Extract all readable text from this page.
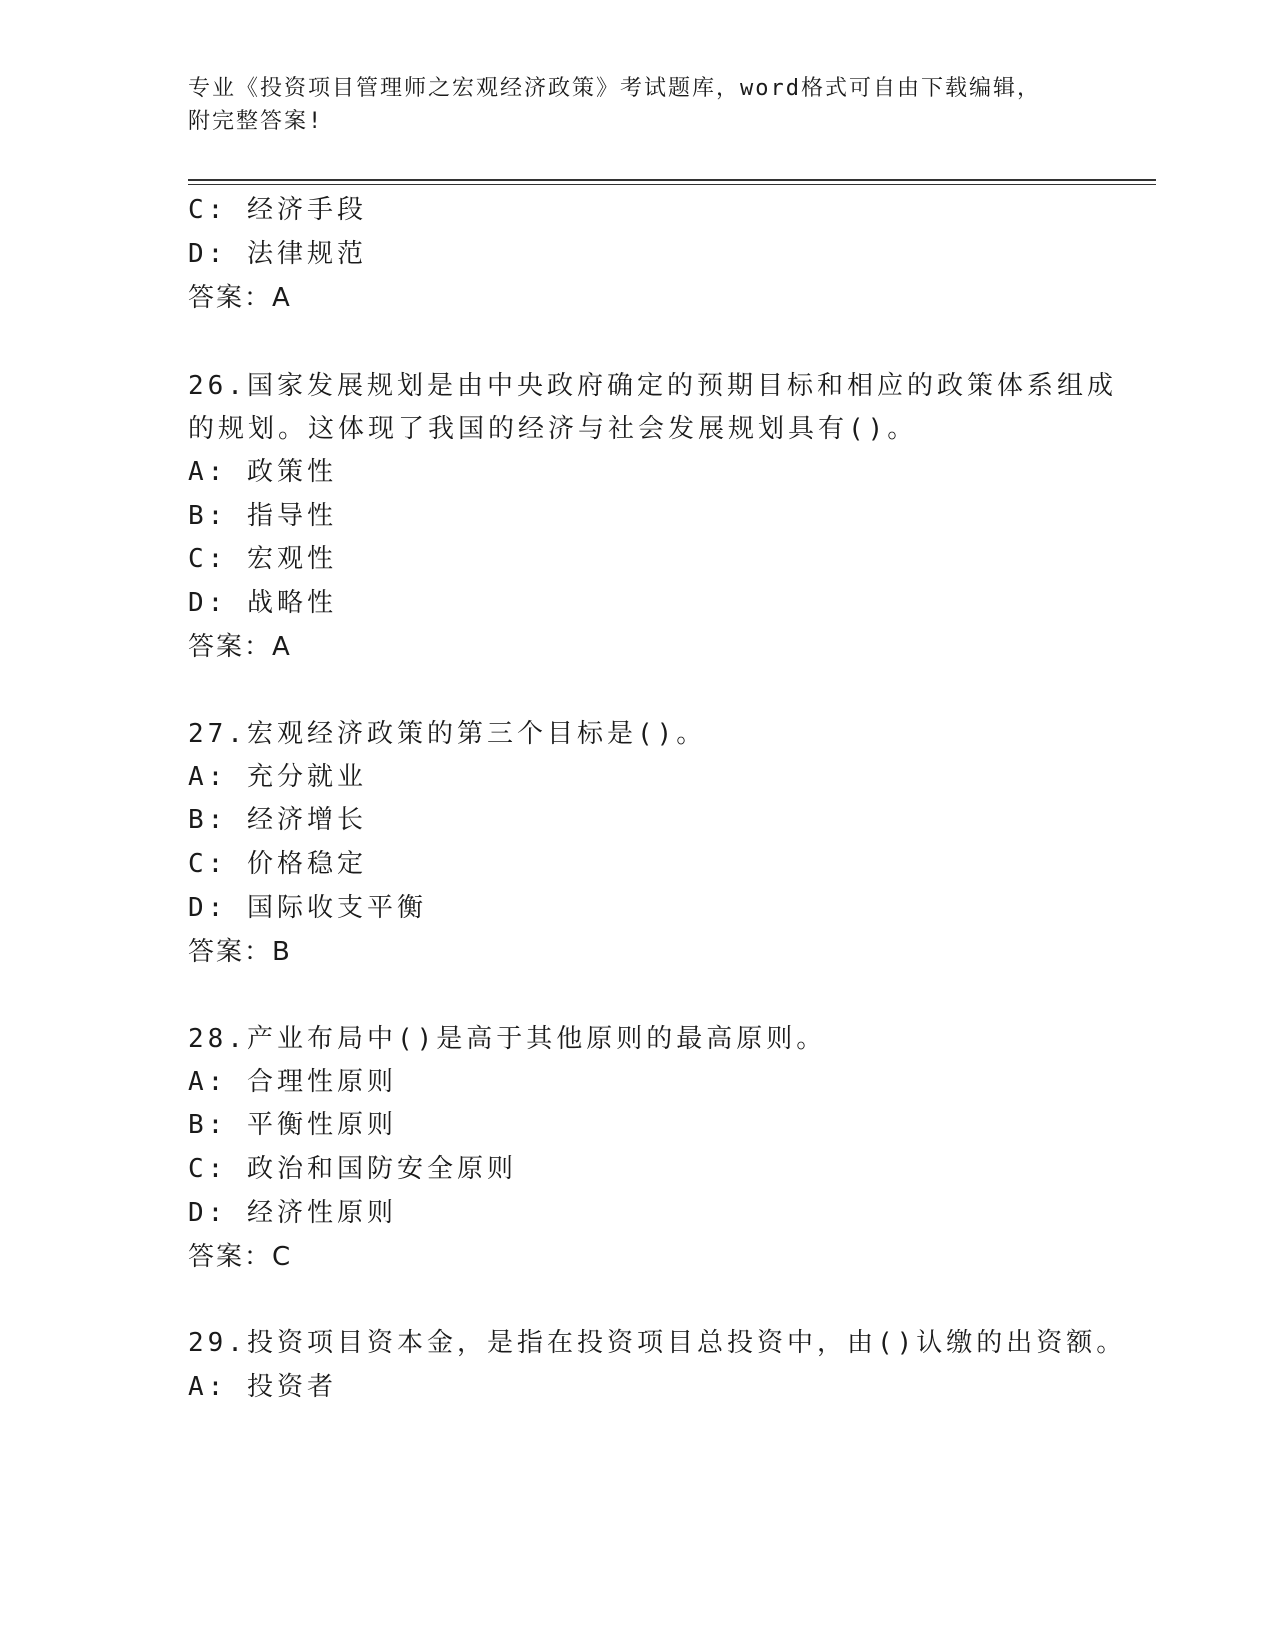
专业《投资项目管理师之宏观经济政策》考试题库，word格式可自由下载编辑，
附完整答案!
C: 经济手段
D: 法律规范
答案：A
26.国家发展规划是由中央政府确定的预期目标和相应的政策体系组成
的规划。这体现了我国的经济与社会发展规划具有()。
A: 政策性
B: 指导性
C: 宏观性
D: 战略性
答案：A
27.宏观经济政策的第三个目标是()。
A: 充分就业
B: 经济增长
C: 价格稳定
D: 国际收支平衡
答案：B
28.产业布局中()是高于其他原则的最高原则。
A: 合理性原则
B: 平衡性原则
C: 政治和国防安全原则
D: 经济性原则
答案：C
29.投资项目资本金，是指在投资项目总投资中，由()认缴的出资额。
A: 投资者
